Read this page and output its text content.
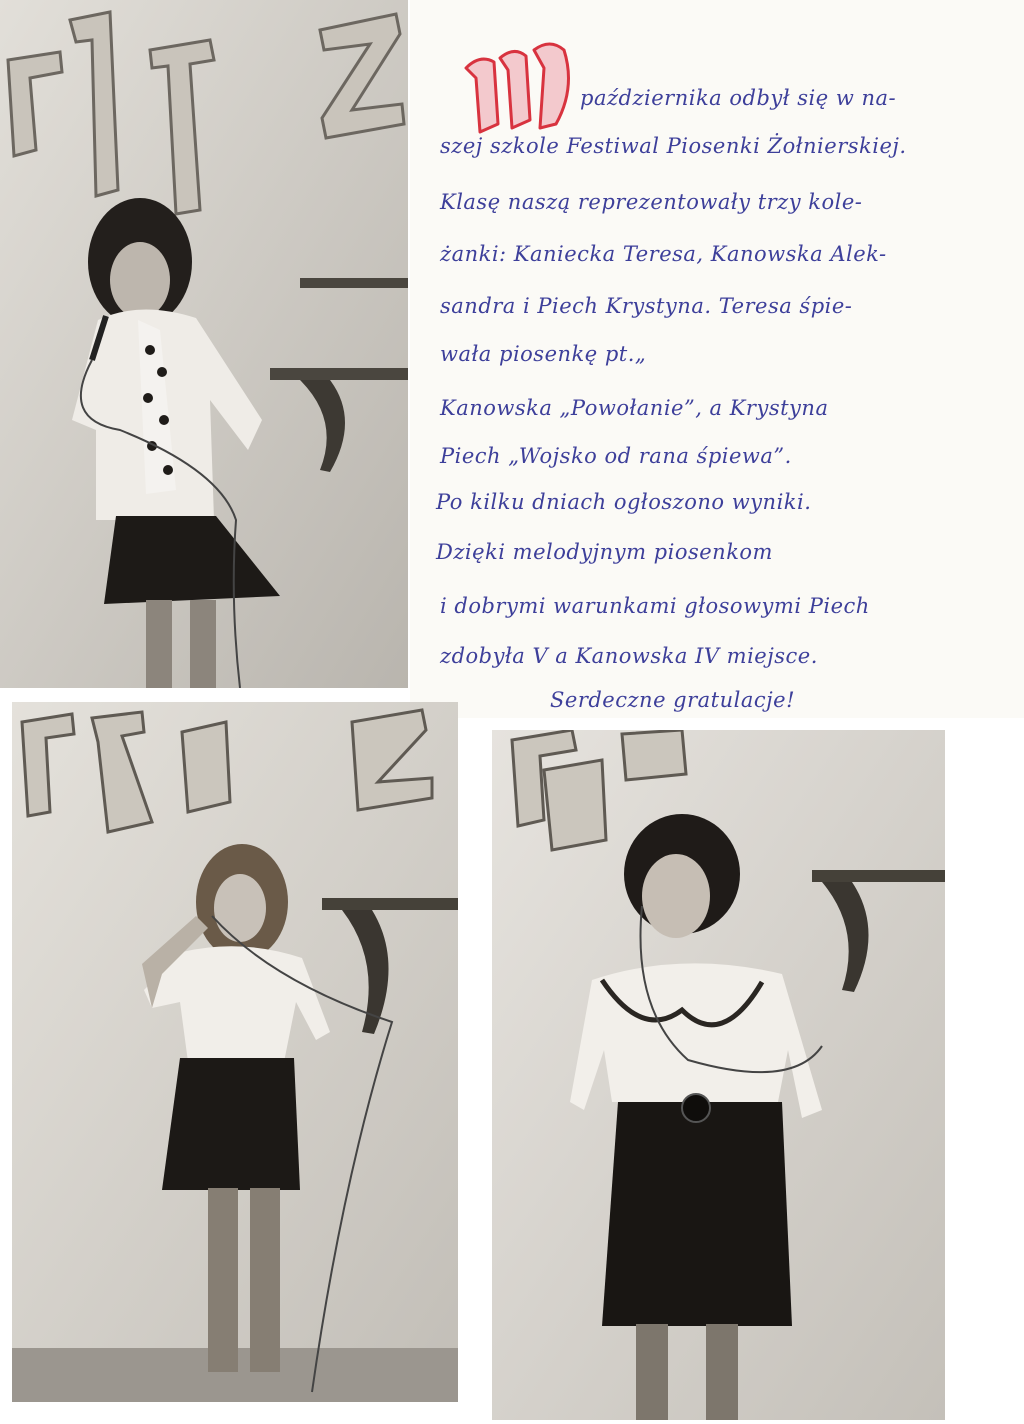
października odbył się w na-
szej szkole Festiwal Piosenki Żołnierskiej.
Klasę naszą reprezentowały trzy kole-
żanki: Kaniecka Teresa, Kanowska Alek-
sandra i Piech Krystyna. Teresa śpie-
wała piosenkę pt.„
Kanowska „Powołanie”, a Krystyna
Piech „Wojsko od rana śpiewa”.
Po kilku dniach ogłoszono wyniki.
Dzięki melodyjnym piosenkom
i dobrymi warunkami głosowymi Piech
zdobyła V a Kanowska IV miejsce.
Serdeczne gratulacje!
